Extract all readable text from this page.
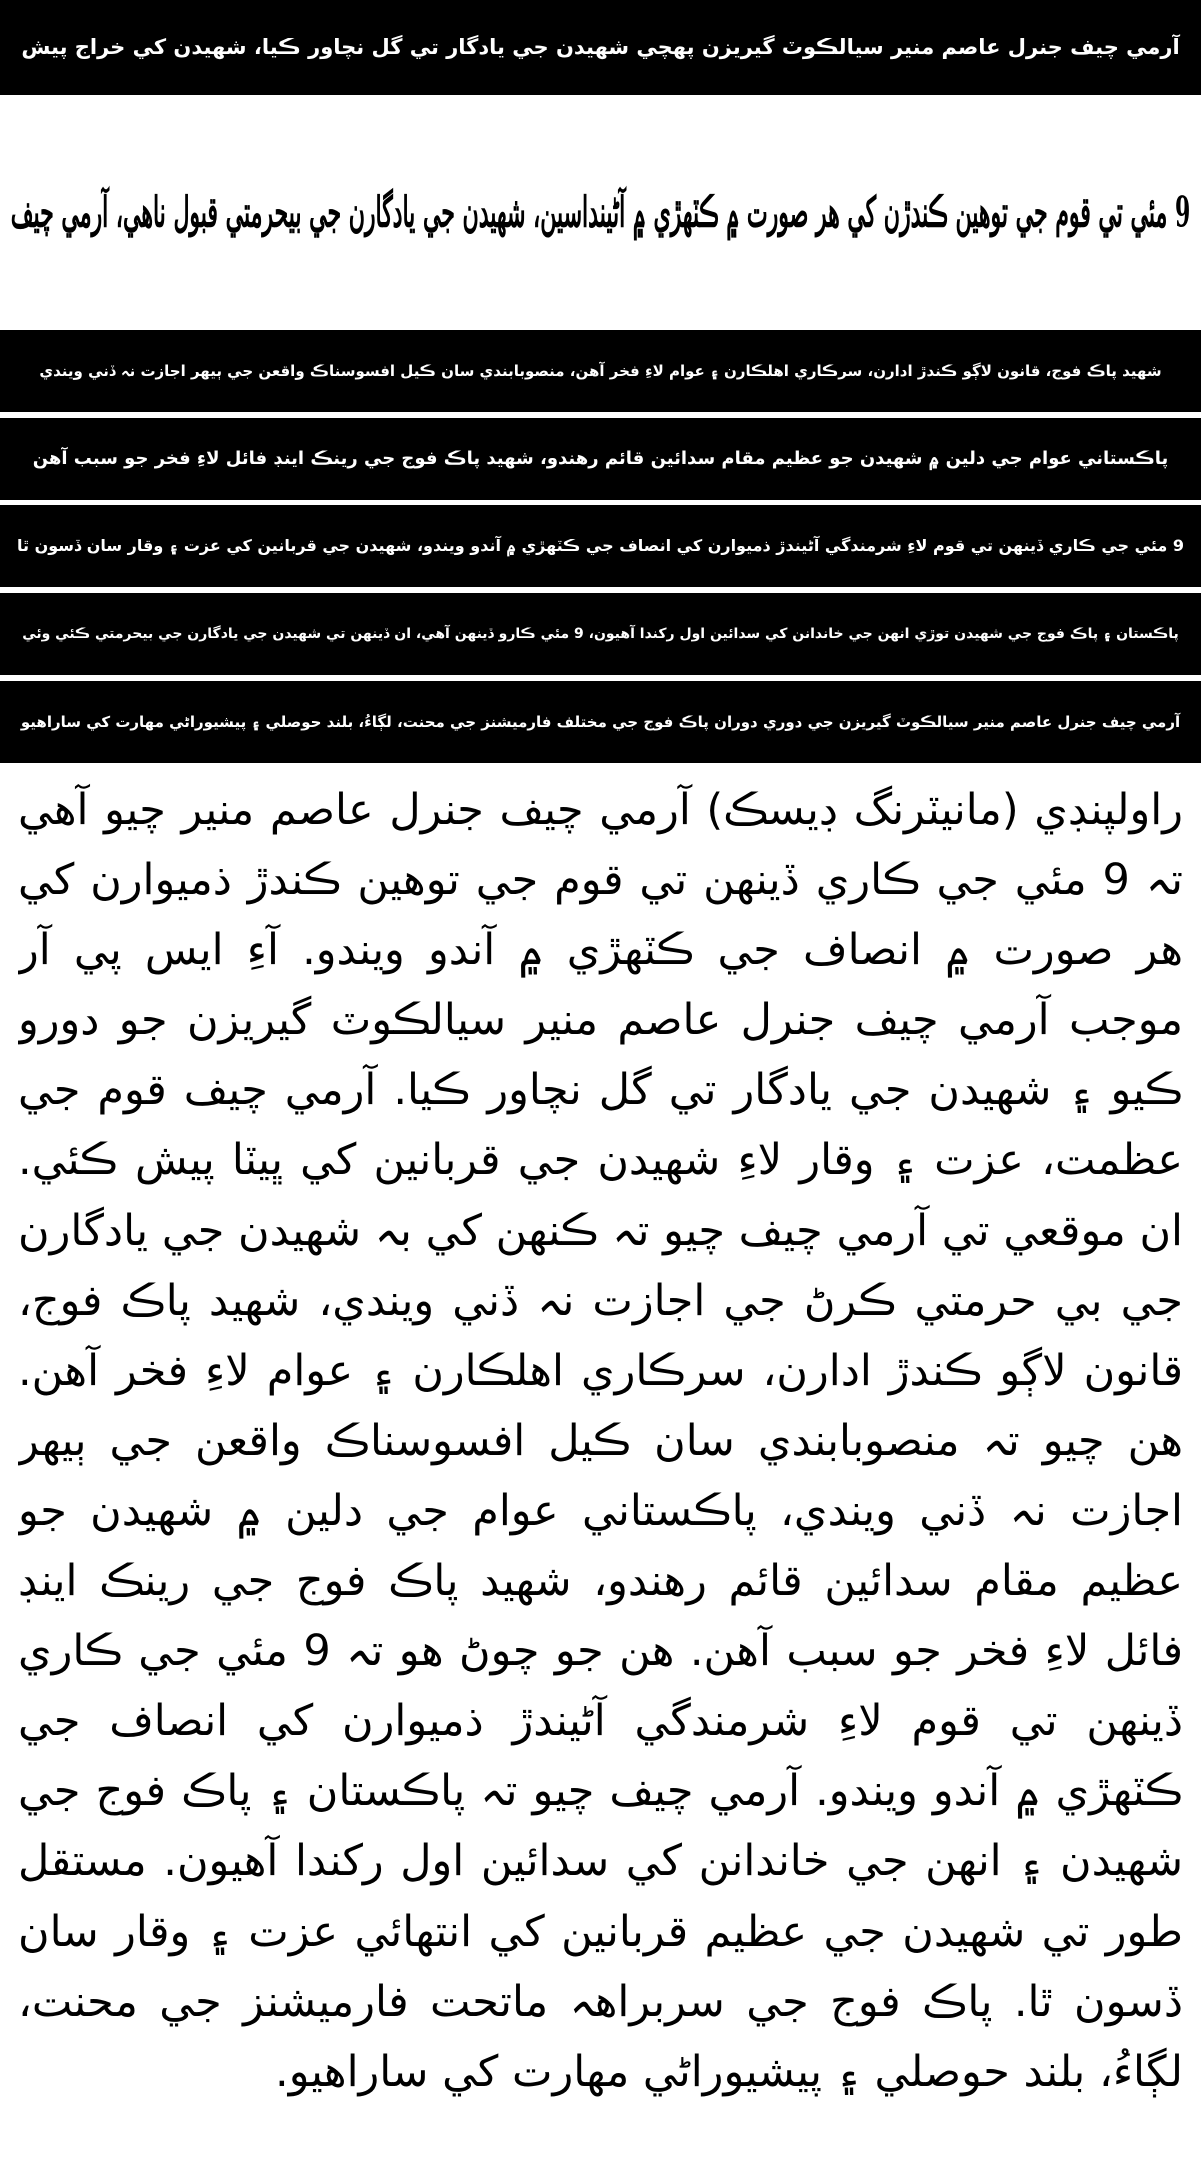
آرمي چيف جنرل عاصم منير سيالڪوٽ گيريزن پهچي شهيدن جي يادگار تي گل نچاور ڪيا، شهيدن کي خراج پيش
9 مئي تي قوم جي توهين ڪندڙن کي هر صورت ۾ ڪٽهڙي ۾ آڻينداسين، شهيدن جي يادگارن جي بيحرمتي قبول ناهي، آرمي چيف
شهيد پاڪ فوج، قانون لاڳو ڪندڙ ادارن، سرڪاري اهلڪارن ۽ عوام لاءِ فخر آهن، منصوبابندي سان ڪيل افسوسناڪ واقعن جي ٻيهر اجازت نہ ڏني ويندي
پاڪستاني عوام جي دلين ۾ شهيدن جو عظيم مقام سدائين قائم رهندو، شهيد پاڪ فوج جي رينڪ اينڊ فائل لاءِ فخر جو سبب آهن
9 مئي جي ڪاري ڏينهن تي قوم لاءِ شرمندگي آڻيندڙ ذميوارن کي انصاف جي ڪٽهڙي ۾ آندو ويندو، شهيدن جي قربانين کي عزت ۽ وقار سان ڏسون ٿا
پاڪستان ۽ پاڪ فوج جي شهيدن توڙي انهن جي خاندانن کي سدائين اول رکندا آهيون، 9 مئي ڪارو ڏينهن آهي، ان ڏينهن تي شهيدن جي يادگارن جي بيحرمتي ڪئي وئي
آرمي چيف جنرل عاصم منير سيالڪوٽ گيريزن جي دوري دوران پاڪ فوج جي مختلف فارميشنز جي محنت، لڳاءُ، بلند حوصلي ۽ پيشيوراڻي مهارت کي ساراهيو
راولپنڊي (مانيٽرنگ ڊيسڪ) آرمي چيف جنرل عاصم منير چيو آهي تہ 9 مئي جي ڪاري ڏينهن تي قوم جي توهين ڪندڙ ذميوارن کي هر صورت ۾ انصاف جي ڪٽهڙي ۾ آندو ويندو. آءِ ايس پي آر موجب آرمي چيف جنرل عاصم منير سيالڪوٽ گيريزن جو دورو ڪيو ۽ شهيدن جي يادگار تي گل نچاور ڪيا. آرمي چيف قوم جي عظمت، عزت ۽ وقار لاءِ شهيدن جي قربانين کي ڀيٽا پيش ڪئي. ان موقعي تي آرمي چيف چيو تہ ڪنهن کي بہ شهيدن جي يادگارن جي بي حرمتي ڪرڻ جي اجازت نہ ڏني ويندي، شهيد پاڪ فوج، قانون لاڳو ڪندڙ ادارن، سرڪاري اهلڪارن ۽ عوام لاءِ فخر آهن. هن چيو تہ منصوبابندي سان ڪيل افسوسناڪ واقعن جي ٻيهر اجازت نہ ڏني ويندي، پاڪستاني عوام جي دلين ۾ شهيدن جو عظيم مقام سدائين قائم رهندو، شهيد پاڪ فوج جي رينڪ اينڊ فائل لاءِ فخر جو سبب آهن. هن جو چوڻ هو تہ 9 مئي جي ڪاري ڏينهن تي قوم لاءِ شرمندگي آڻيندڙ ذميوارن کي انصاف جي ڪٽهڙي ۾ آندو ويندو. آرمي چيف چيو تہ پاڪستان ۽ پاڪ فوج جي شهيدن ۽ انهن جي خاندانن کي سدائين اول رکندا آهيون. مستقل طور تي شهيدن جي عظيم قربانين کي انتهائي عزت ۽ وقار سان ڏسون ٿا. پاڪ فوج جي سربراهہ ماتحت فارميشنز جي محنت، لڳاءُ، بلند حوصلي ۽ پيشيوراڻي مهارت کي ساراهيو.
